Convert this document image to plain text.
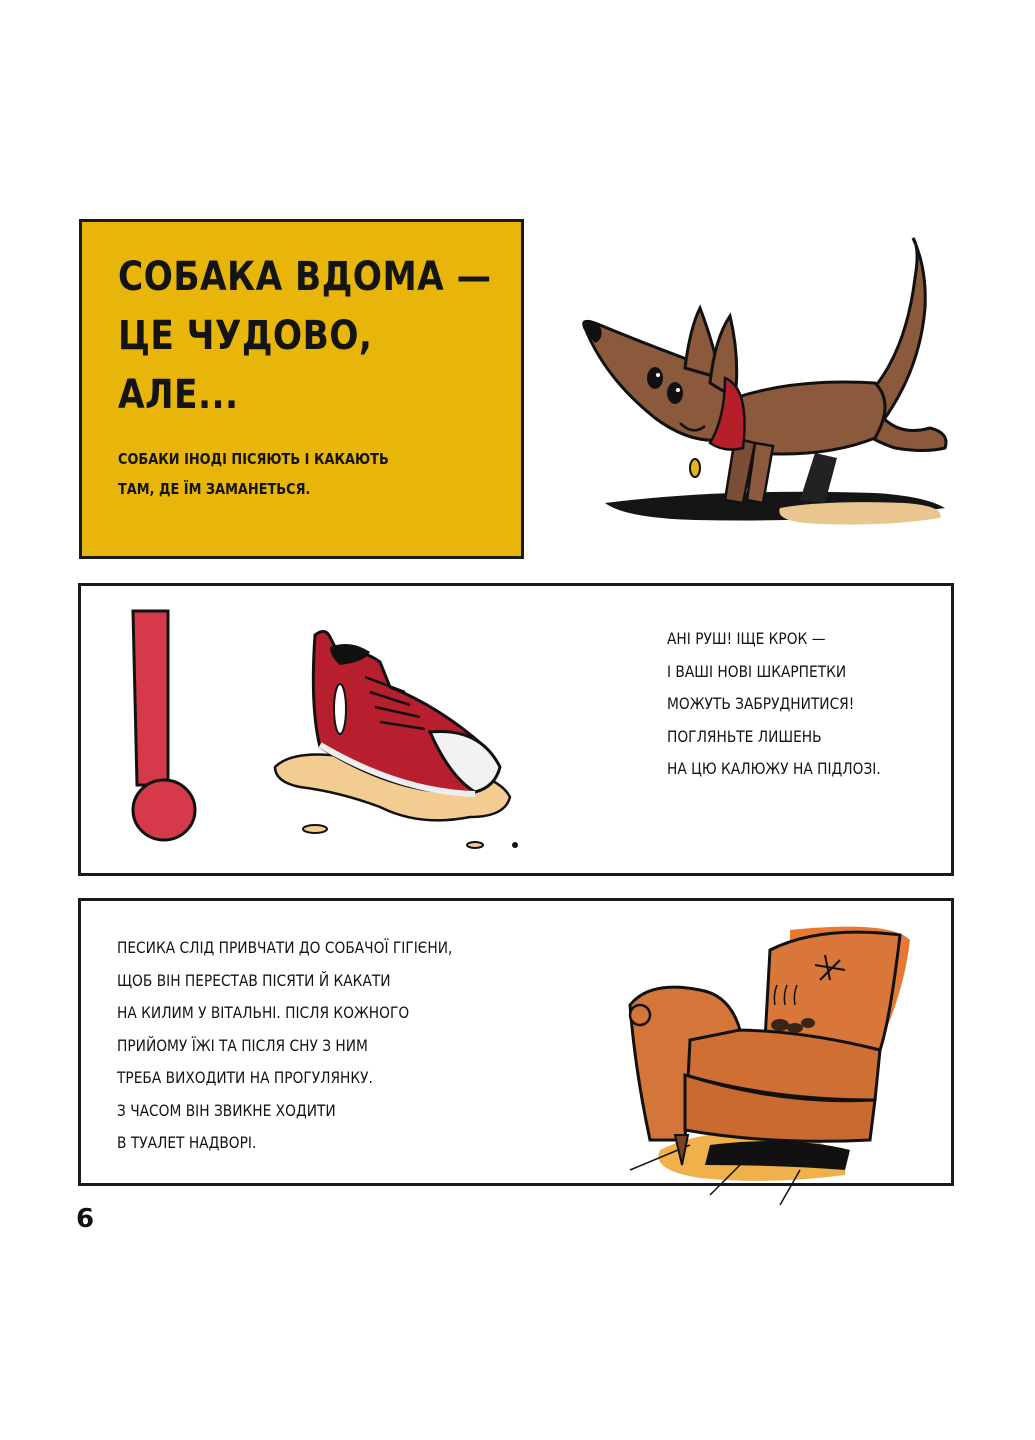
СОБАКА ВДОМА —
ЦЕ ЧУДОВО,
АЛЕ...
СОБАКИ ІНОДІ ПІСЯЮТЬ І КАКАЮТЬ
ТАМ, ДЕ ЇМ ЗАМАНЕТЬСЯ.
АНІ РУШ! ІЩЕ КРОК —
І ВАШІ НОВІ ШКАРПЕТКИ
МОЖУТЬ ЗАБРУДНИТИСЯ!
ПОГЛЯНЬТЕ ЛИШЕНЬ
НА ЦЮ КАЛЮЖУ НА ПІДЛОЗІ.
ПЕСИКА СЛІД ПРИВЧАТИ ДО СОБАЧОЇ ГІГІЄНИ,
ЩОБ ВІН ПЕРЕСТАВ ПІСЯТИ Й КАКАТИ
НА КИЛИМ У ВІТАЛЬНІ. ПІСЛЯ КОЖНОГО
ПРИЙОМУ ЇЖІ ТА ПІСЛЯ СНУ З НИМ
ТРЕБА ВИХОДИТИ НА ПРОГУЛЯНКУ.
З ЧАСОМ ВІН ЗВИКНЕ ХОДИТИ
В ТУАЛЕТ НАДВОРІ.
6
